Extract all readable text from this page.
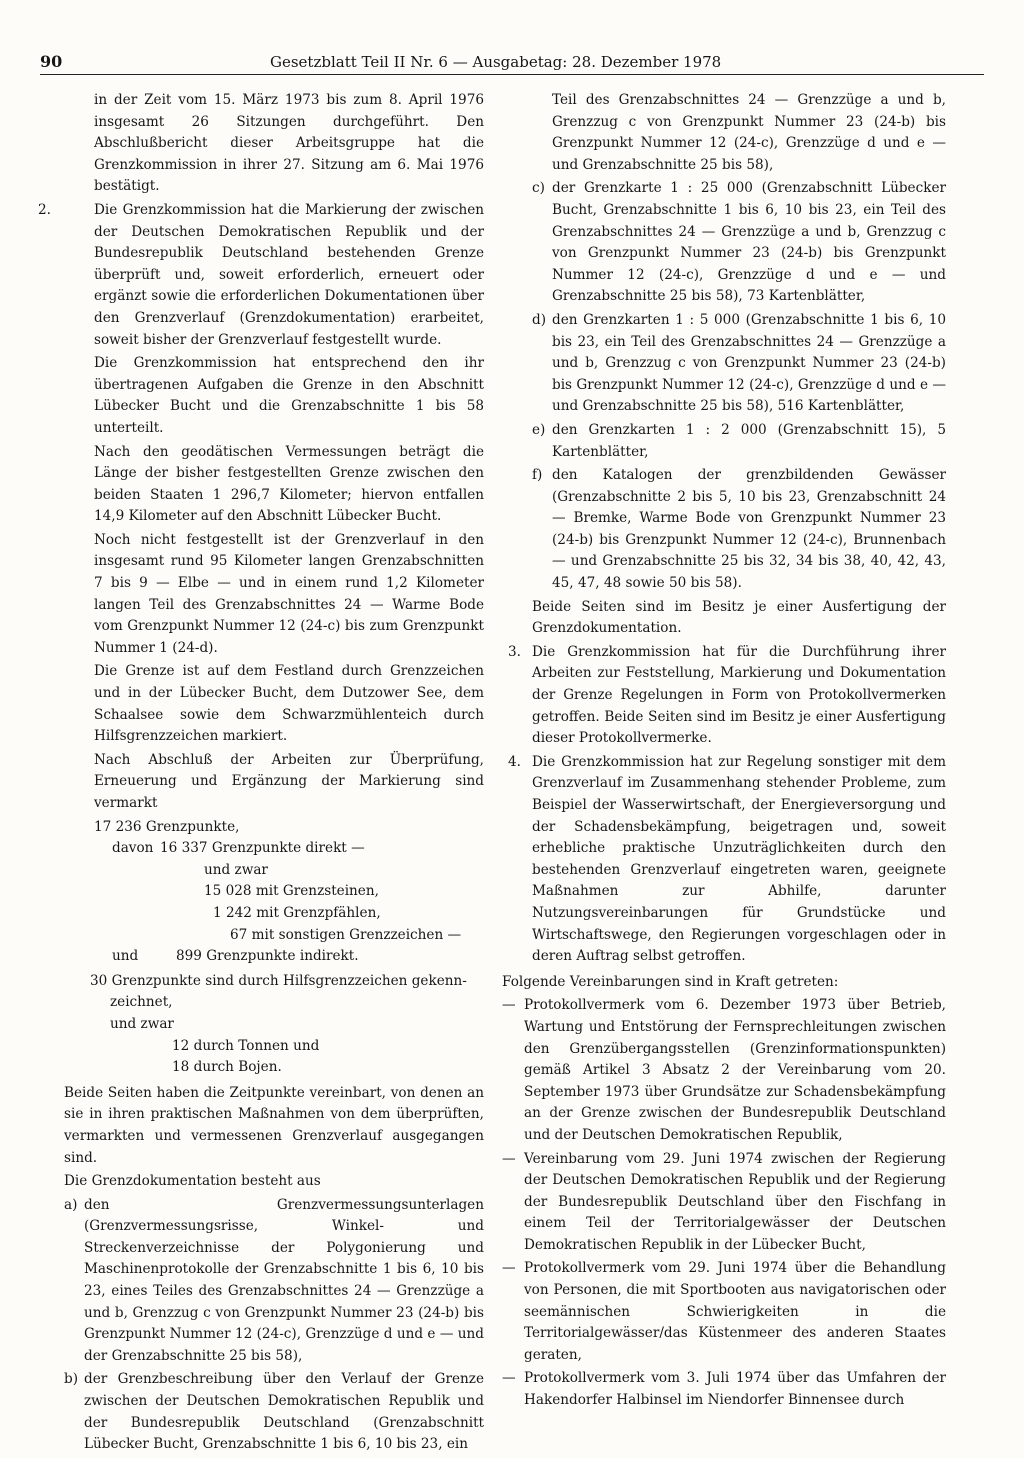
90	Gesetzblatt Teil II Nr. 6 — Ausgabetag: 28. Dezember 1978

in der Zeit vom 15. März 1973 bis zum 8. April 1976 insgesamt 26 Sitzungen durchgeführt. Den Abschlußbericht dieser Arbeitsgruppe hat die Grenzkommission in ihrer 27. Sitzung am 6. Mai 1976 bestätigt.

2.	Die Grenzkommission hat die Markierung der zwischen der Deutschen Demokratischen Republik und der Bundesrepublik Deutschland bestehenden Grenze überprüft und, soweit erforderlich, erneuert oder ergänzt sowie die erforderlichen Dokumentationen über den Grenzverlauf (Grenzdokumentation) erarbeitet, soweit bisher der Grenzverlauf festgestellt wurde.

Die Grenzkommission hat entsprechend den ihr übertragenen Aufgaben die Grenze in den Abschnitt Lübecker Bucht und die Grenzabschnitte 1 bis 58 unterteilt.

Nach den geodätischen Vermessungen beträgt die Länge der bisher festgestellten Grenze zwischen den beiden Staaten 1 296,7 Kilometer; hiervon entfallen 14,9 Kilometer auf den Abschnitt Lübecker Bucht.

Noch nicht festgestellt ist der Grenzverlauf in den insgesamt rund 95 Kilometer langen Grenzabschnitten 7 bis 9 — Elbe — und in einem rund 1,2 Kilometer langen Teil des Grenzabschnittes 24 — Warme Bode vom Grenzpunkt Nummer 12 (24-c) bis zum Grenzpunkt Nummer 1 (24-d).

Die Grenze ist auf dem Festland durch Grenzzeichen und in der Lübecker Bucht, dem Dutzower See, dem Schaalsee sowie dem Schwarzmühlenteich durch Hilfsgrenzzeichen markiert.

Nach Abschluß der Arbeiten zur Überprüfung, Erneuerung und Ergänzung der Markierung sind vermarkt

17 236 Grenzpunkte,
davon 16 337 Grenzpunkte direkt —
und zwar
15 028 mit Grenzsteinen,
1 242 mit Grenzpfählen,
67 mit sonstigen Grenzzeichen —
und	899 Grenzpunkte indirekt.
30 Grenzpunkte sind durch Hilfsgrenzzeichen gekenn-
zeichnet,
und zwar
12 durch Tonnen und
18 durch Bojen.

Beide Seiten haben die Zeitpunkte vereinbart, von denen an sie in ihren praktischen Maßnahmen von dem überprüften, vermarkten und vermessenen Grenzverlauf ausgegangen sind.

Die Grenzdokumentation besteht aus

a) den Grenzvermessungsunterlagen (Grenzvermessungsrisse, Winkel- und Streckenverzeichnisse der Polygonierung und Maschinenprotokolle der Grenzabschnitte 1 bis 6, 10 bis 23, eines Teiles des Grenzabschnittes 24 — Grenzzüge a und b, Grenzzug c von Grenzpunkt Nummer 23 (24-b) bis Grenzpunkt Nummer 12 (24-c), Grenzzüge d und e — und der Grenzabschnitte 25 bis 58),
b) der Grenzbeschreibung über den Verlauf der Grenze zwischen der Deutschen Demokratischen Republik und der Bundesrepublik Deutschland (Grenzabschnitt Lübecker Bucht, Grenzabschnitte 1 bis 6, 10 bis 23, ein

Teil des Grenzabschnittes 24 — Grenzzüge a und b, Grenzzug c von Grenzpunkt Nummer 23 (24-b) bis Grenzpunkt Nummer 12 (24-c), Grenzzüge d und e — und Grenzabschnitte 25 bis 58),

c) der Grenzkarte 1 : 25 000 (Grenzabschnitt Lübecker Bucht, Grenzabschnitte 1 bis 6, 10 bis 23, ein Teil des Grenzabschnittes 24 — Grenzzüge a und b, Grenzzug c von Grenzpunkt Nummer 23 (24-b) bis Grenzpunkt Nummer 12 (24-c), Grenzzüge d und e — und Grenzabschnitte 25 bis 58), 73 Kartenblätter,
d) den Grenzkarten 1 : 5 000 (Grenzabschnitte 1 bis 6, 10 bis 23, ein Teil des Grenzabschnittes 24 — Grenzzüge a und b, Grenzzug c von Grenzpunkt Nummer 23 (24-b) bis Grenzpunkt Nummer 12 (24-c), Grenzzüge d und e — und Grenzabschnitte 25 bis 58), 516 Kartenblätter,
e) den Grenzkarten 1 : 2 000 (Grenzabschnitt 15), 5 Kartenblätter,
f) den Katalogen der grenzbildenden Gewässer (Grenzabschnitte 2 bis 5, 10 bis 23, Grenzabschnitt 24 — Bremke, Warme Bode von Grenzpunkt Nummer 23 (24-b) bis Grenzpunkt Nummer 12 (24-c), Brunnenbach — und Grenzabschnitte 25 bis 32, 34 bis 38, 40, 42, 43, 45, 47, 48 sowie 50 bis 58).

Beide Seiten sind im Besitz je einer Ausfertigung der Grenzdokumentation.

3. Die Grenzkommission hat für die Durchführung ihrer Arbeiten zur Feststellung, Markierung und Dokumentation der Grenze Regelungen in Form von Protokollvermerken getroffen. Beide Seiten sind im Besitz je einer Ausfertigung dieser Protokollvermerke.
4. Die Grenzkommission hat zur Regelung sonstiger mit dem Grenzverlauf im Zusammenhang stehender Probleme, zum Beispiel der Wasserwirtschaft, der Energieversorgung und der Schadensbekämpfung, beigetragen und, soweit erhebliche praktische Unzuträglichkeiten durch den bestehenden Grenzverlauf eingetreten waren, geeignete Maßnahmen zur Abhilfe, darunter Nutzungsvereinbarungen für Grundstücke und Wirtschaftswege, den Regierungen vorgeschlagen oder in deren Auftrag selbst getroffen.

Folgende Vereinbarungen sind in Kraft getreten:

— Protokollvermerk vom 6. Dezember 1973 über Betrieb, Wartung und Entstörung der Fernsprechleitungen zwischen den Grenzübergangsstellen (Grenzinformationspunkten) gemäß Artikel 3 Absatz 2 der Vereinbarung vom 20. September 1973 über Grundsätze zur Schadensbekämpfung an der Grenze zwischen der Bundesrepublik Deutschland und der Deutschen Demokratischen Republik,
— Vereinbarung vom 29. Juni 1974 zwischen der Regierung der Deutschen Demokratischen Republik und der Regierung der Bundesrepublik Deutschland über den Fischfang in einem Teil der Territorialgewässer der Deutschen Demokratischen Republik in der Lübecker Bucht,
— Protokollvermerk vom 29. Juni 1974 über die Behandlung von Personen, die mit Sportbooten aus navigatorischen oder seemännischen Schwierigkeiten in die Territorialgewässer/das Küstenmeer des anderen Staates geraten,
— Protokollvermerk vom 3. Juli 1974 über das Umfahren der Hakendorfer Halbinsel im Niendorfer Binnensee durch
